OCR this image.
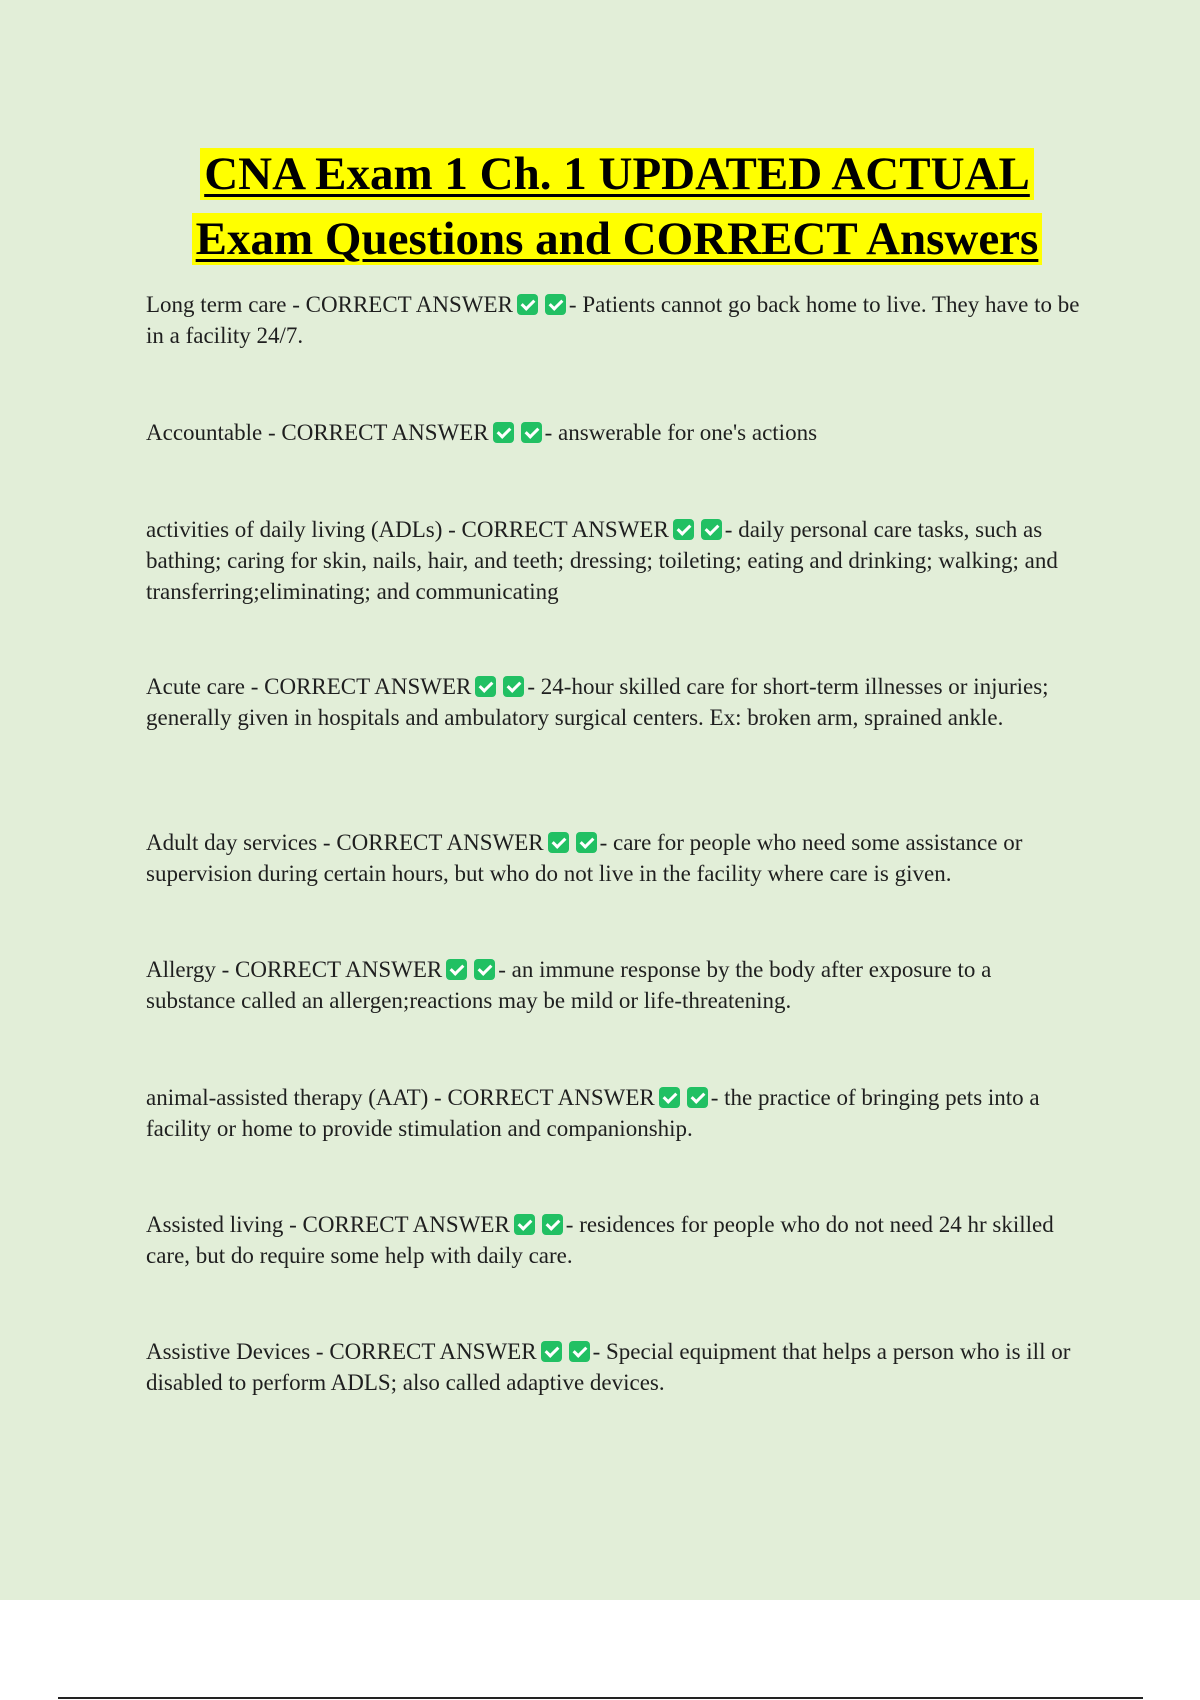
CNA Exam 1 Ch. 1 UPDATED ACTUAL
Exam Questions and CORRECT Answers

Long term care - CORRECT ANSWER - Patients cannot go back home to live. They have to be in a facility 24/7.

Accountable - CORRECT ANSWER - answerable for one's actions

activities of daily living (ADLs) - CORRECT ANSWER - daily personal care tasks, such as bathing; caring for skin, nails, hair, and teeth; dressing; toileting; eating and drinking; walking; and transferring;eliminating; and communicating

Acute care - CORRECT ANSWER - 24-hour skilled care for short-term illnesses or injuries; generally given in hospitals and ambulatory surgical centers. Ex: broken arm, sprained ankle.

Adult day services - CORRECT ANSWER - care for people who need some assistance or supervision during certain hours, but who do not live in the facility where care is given.

Allergy - CORRECT ANSWER - an immune response by the body after exposure to a substance called an allergen;reactions may be mild or life-threatening.

animal-assisted therapy (AAT) - CORRECT ANSWER - the practice of bringing pets into a facility or home to provide stimulation and companionship.

Assisted living - CORRECT ANSWER - residences for people who do not need 24 hr skilled care, but do require some help with daily care.

Assistive Devices - CORRECT ANSWER - Special equipment that helps a person who is ill or disabled to perform ADLS; also called adaptive devices.
